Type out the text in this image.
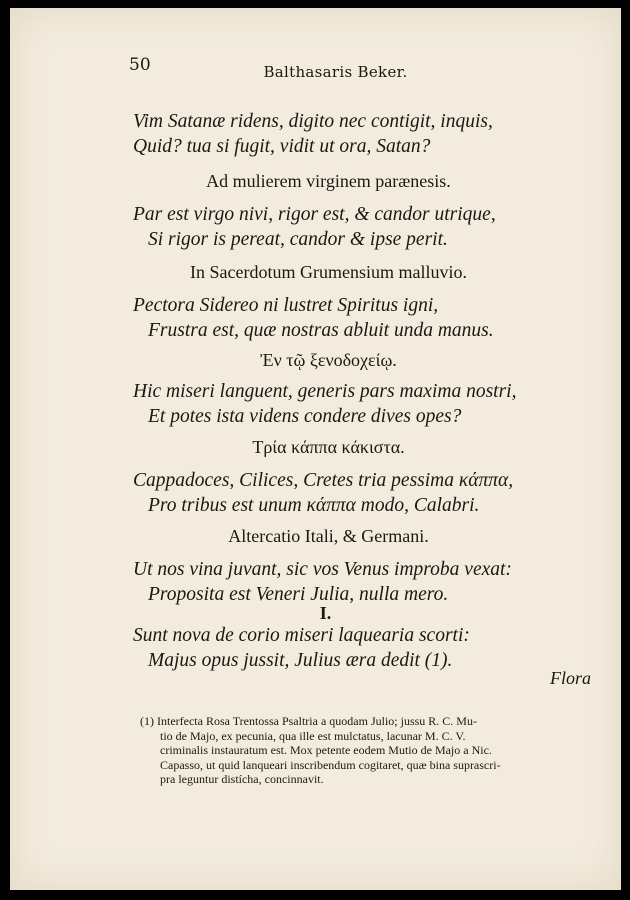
50	Balthasaris Beker.
Vim Satanæ ridens, digito nec contigit, inquis,
Quid? tua si fugit, vidit ut ora, Satan?
Ad mulierem virginem parænesis.
Par est virgo nivi, rigor est, & candor utrique,
Si rigor is pereat, candor & ipse perit.
In Sacerdotum Grumensium malluvio.
Pectora Sidereo ni lustret Spiritus igni,
Frustra est, quæ nostras abluit unda manus.
Ἐν τῷ ξενοδοχείῳ.
Hic miseri languent, generis pars maxima nostri,
Et potes ista videns condere dives opes?
Τρία κάππα κάκιστα.
Cappadoces, Cilices, Cretes tria pessima κάππα,
Pro tribus est unum κάππα modo, Calabri.
Altercatio Itali, & Germani.
Ut nos vina juvant, sic vos Venus improba vexat:
Proposita est Veneri Julia, nulla mero.
I.
Sunt nova de corio miseri laquearia scorti:
Majus opus jussit, Julius æra dedit (1).
Flora
(1) Interfecta Rosa Trentossa Psaltria a quodam Julio; jussu R. C. Mu-
tio de Majo, ex pecunia, qua ille est mulctatus, lacunar M. C. V.
criminalis instauratum est. Mox petente eodem Mutio de Majo a Nic.
Capasso, ut quid lanqueari inscribendum cogitaret, quæ bina suprascri-
pra leguntur distícha, concinnavit.
